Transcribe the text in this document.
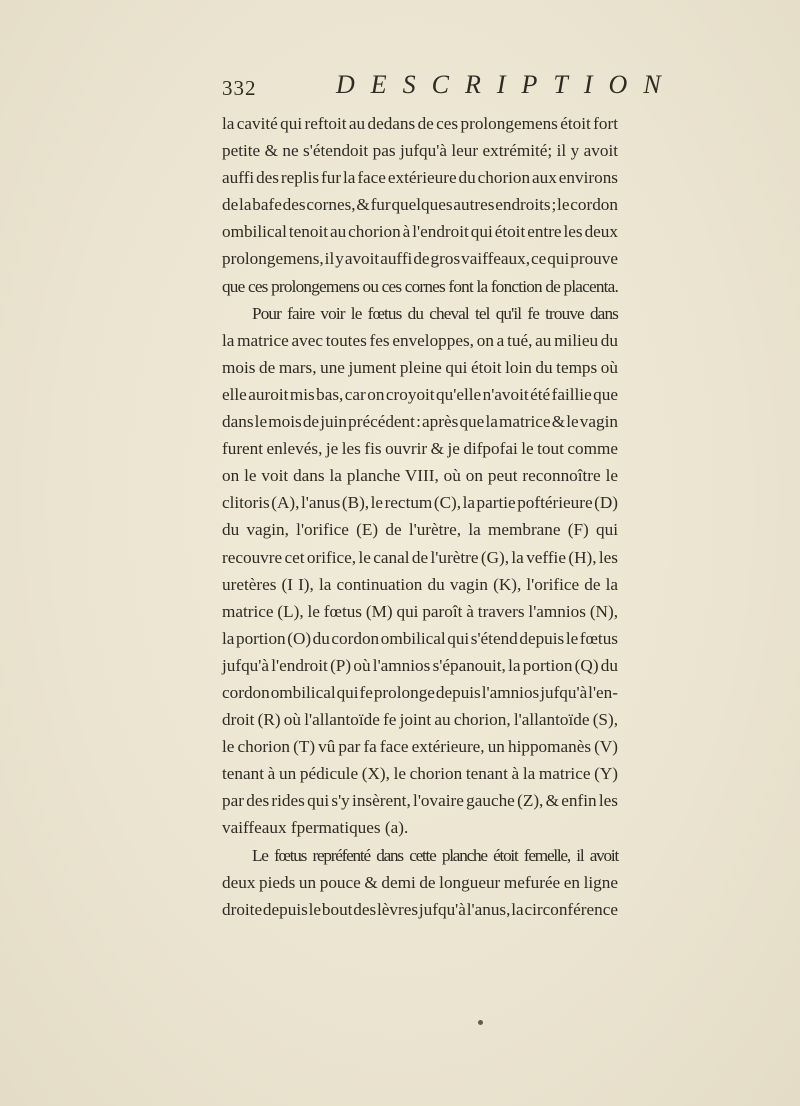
332	DESCRIPTION
la cavité qui reftoit au dedans de ces prolongemens étoit fort
petite & ne s'étendoit pas jufqu'à leur extrémité; il y avoit
auffi des replis fur la face extérieure du chorion aux environs
de la bafe des cornes, & fur quelques autres endroits ; le cordon
ombilical tenoit au chorion à l'endroit qui étoit entre les deux
prolongemens, il y avoit auffi de gros vaiffeaux, ce qui prouve
que ces prolongemens ou ces cornes font la fonction de placenta.
Pour faire voir le fœtus du cheval tel qu'il fe trouve dans
la matrice avec toutes fes enveloppes, on a tué, au milieu du
mois de mars, une jument pleine qui étoit loin du temps où
elle auroit mis bas, car on croyoit qu'elle n'avoit été faillie que
dans le mois de juin précédent : après que la matrice & le vagin
furent enlevés, je les fis ouvrir & je difpofai le tout comme
on le voit dans la planche VIII, où on peut reconnoître le
clitoris (A), l'anus (B), le rectum (C), la partie poftérieure (D)
du vagin, l'orifice (E) de l'urètre, la membrane (F) qui
recouvre cet orifice, le canal de l'urètre (G), la veffie (H), les
uretères (I I), la continuation du vagin (K), l'orifice de la
matrice (L), le fœtus (M) qui paroît à travers l'amnios (N),
la portion (O) du cordon ombilical qui s'étend depuis le fœtus
jufqu'à l'endroit (P) où l'amnios s'épanouit, la portion (Q) du
cordon ombilical qui fe prolonge depuis l'amnios jufqu'à l'en-
droit (R) où l'allantoïde fe joint au chorion, l'allantoïde (S),
le chorion (T) vû par fa face extérieure, un hippomanès (V)
tenant à un pédicule (X), le chorion tenant à la matrice (Y)
par des rides qui s'y insèrent, l'ovaire gauche (Z), & enfin les
vaiffeaux fpermatiques (a).
Le fœtus repréfenté dans cette planche étoit femelle, il avoit
deux pieds un pouce & demi de longueur mefurée en ligne
droite depuis le bout des lèvres jufqu'à l'anus, la circonférence
